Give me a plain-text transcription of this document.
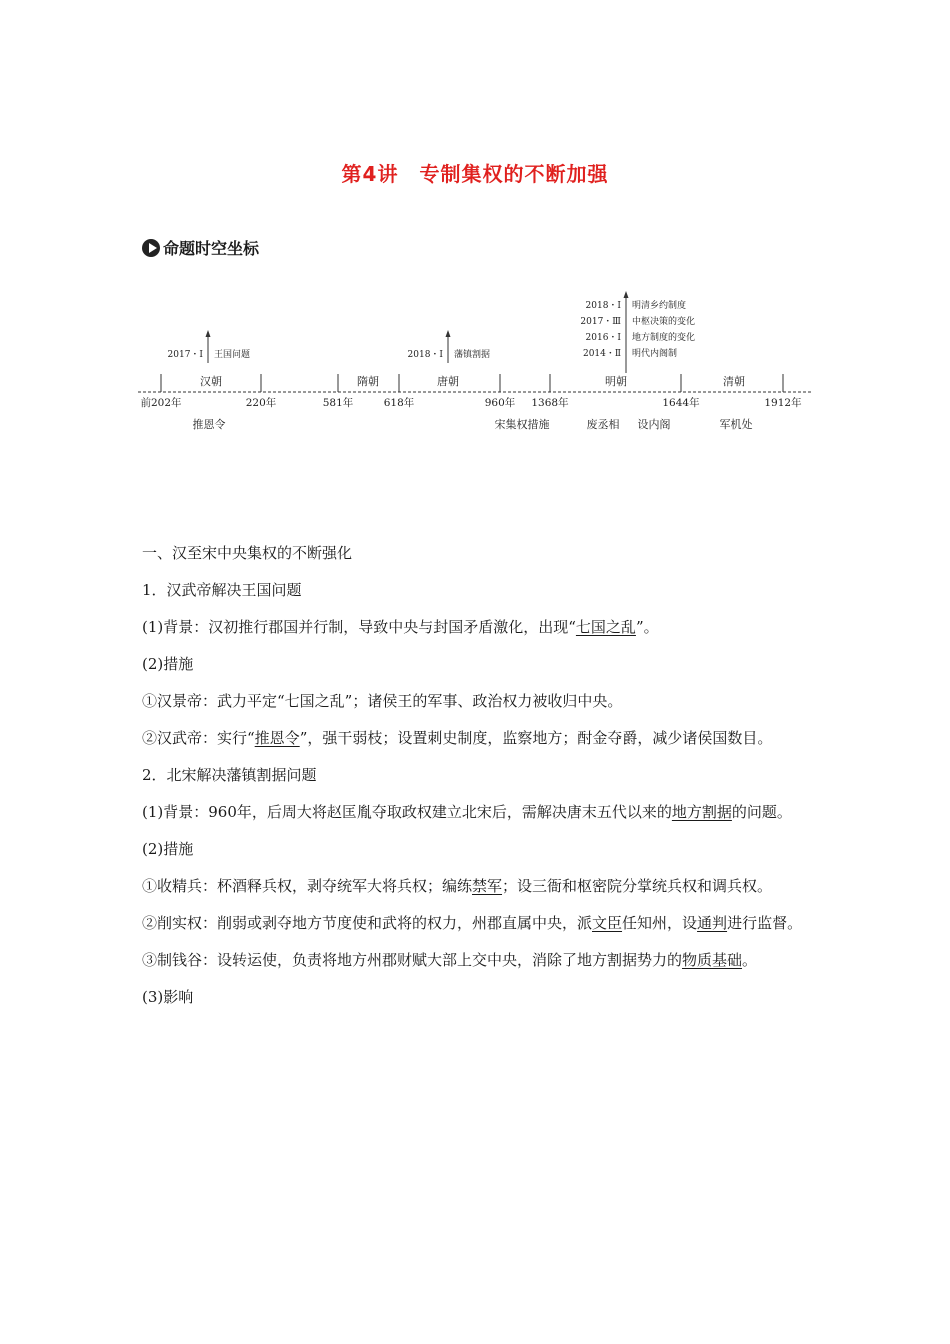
第4讲　专制集权的不断加强
命题时空坐标
汉朝	隋朝	唐朝	明朝	清朝
前202年	220年	581年	618年	960年 1368年	1644年	1912年
推恩令	宋集权措施	废丞相 设内阁	军机处
2017・Ⅰ 王国问题	2018・Ⅰ 藩镇割据
2018・Ⅰ 明清乡约制度
2017・Ⅲ 中枢决策的变化
2016・Ⅰ 地方制度的变化
2014・Ⅱ 明代内阁制

一、汉至宋中央集权的不断强化

1．汉武帝解决王国问题

(1)背景：汉初推行郡国并行制，导致中央与封国矛盾激化，出现“七国之乱”。

(2)措施

①汉景帝：武力平定“七国之乱”；诸侯王的军事、政治权力被收归中央。

②汉武帝：实行“推恩令”，强干弱枝；设置刺史制度，监察地方；酎金夺爵，减少诸侯国数目。

2．北宋解决藩镇割据问题

(1)背景：960年，后周大将赵匡胤夺取政权建立北宋后，需解决唐末五代以来的地方割据的问题。

(2)措施

①收精兵：杯酒释兵权，剥夺统军大将兵权；编练禁军；设三衙和枢密院分掌统兵权和调兵权。

②削实权：削弱或剥夺地方节度使和武将的权力，州郡直属中央，派文臣任知州，设通判进行监督。

③制钱谷：设转运使，负责将地方州郡财赋大部上交中央，消除了地方割据势力的物质基础。

(3)影响
